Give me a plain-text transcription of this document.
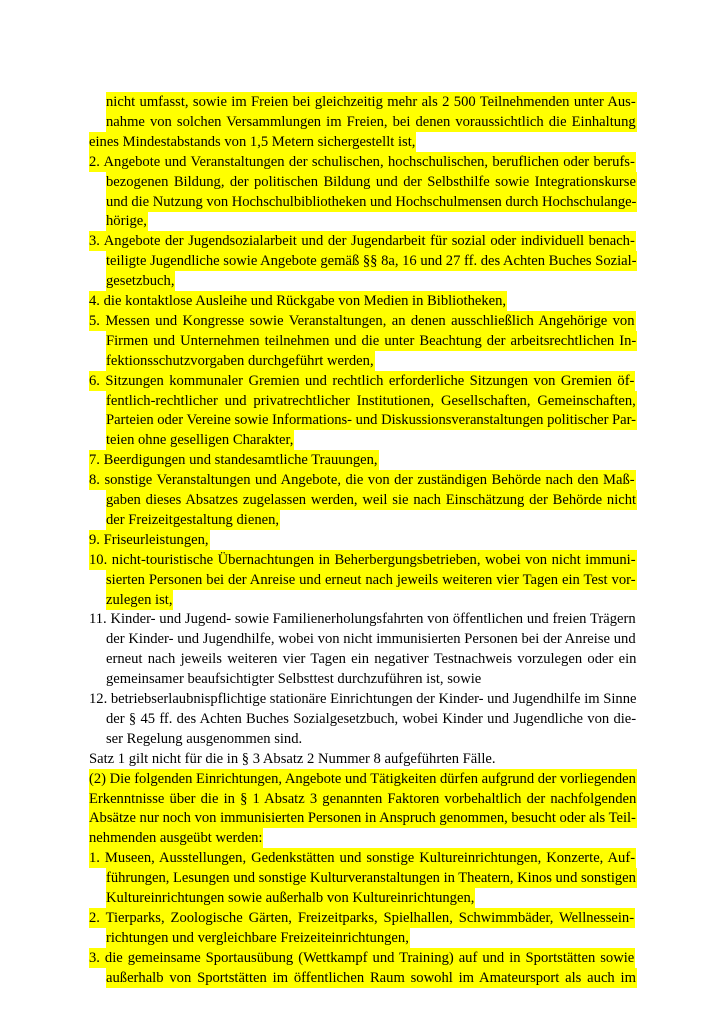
nicht umfasst, sowie im Freien bei gleichzeitig mehr als 2 500 Teilnehmenden unter Aus-
nahme von solchen Versammlungen im Freien, bei denen voraussichtlich die Einhaltung
eines Mindestabstands von 1,5 Metern sichergestellt ist,
2. Angebote und Veranstaltungen der schulischen, hochschulischen, beruflichen oder berufs-
bezogenen Bildung, der politischen Bildung und der Selbsthilfe sowie Integrationskurse
und die Nutzung von Hochschulbibliotheken und Hochschulmensen durch Hochschulange-
hörige,
3. Angebote der Jugendsozialarbeit und der Jugendarbeit für sozial oder individuell benach-
teiligte Jugendliche sowie Angebote gemäß §§ 8a, 16 und 27 ff. des Achten Buches Sozial-
gesetzbuch,
4. die kontaktlose Ausleihe und Rückgabe von Medien in Bibliotheken,
5. Messen und Kongresse sowie Veranstaltungen, an denen ausschließlich Angehörige von
Firmen und Unternehmen teilnehmen und die unter Beachtung der arbeitsrechtlichen In-
fektionsschutzvorgaben durchgeführt werden,
6. Sitzungen kommunaler Gremien und rechtlich erforderliche Sitzungen von Gremien öf-
fentlich-rechtlicher und privatrechtlicher Institutionen, Gesellschaften, Gemeinschaften,
Parteien oder Vereine sowie Informations- und Diskussionsveranstaltungen politischer Par-
teien ohne geselligen Charakter,
7. Beerdigungen und standesamtliche Trauungen,
8. sonstige Veranstaltungen und Angebote, die von der zuständigen Behörde nach den Maß-
gaben dieses Absatzes zugelassen werden, weil sie nach Einschätzung der Behörde nicht
der Freizeitgestaltung dienen,
9. Friseurleistungen,
10. nicht-touristische Übernachtungen in Beherbergungsbetrieben, wobei von nicht immuni-
sierten Personen bei der Anreise und erneut nach jeweils weiteren vier Tagen ein Test vor-
zulegen ist,
11. Kinder- und Jugend- sowie Familienerholungsfahrten von öffentlichen und freien Trägern
der Kinder- und Jugendhilfe, wobei von nicht immunisierten Personen bei der Anreise und
erneut nach jeweils weiteren vier Tagen ein negativer Testnachweis vorzulegen oder ein
gemeinsamer beaufsichtigter Selbsttest durchzuführen ist, sowie
12. betriebserlaubnispflichtige stationäre Einrichtungen der Kinder- und Jugendhilfe im Sinne
der § 45 ff. des Achten Buches Sozialgesetzbuch, wobei Kinder und Jugendliche von die-
ser Regelung ausgenommen sind.
Satz 1 gilt nicht für die in § 3 Absatz 2 Nummer 8 aufgeführten Fälle.
(2) Die folgenden Einrichtungen, Angebote und Tätigkeiten dürfen aufgrund der vorliegenden
Erkenntnisse über die in § 1 Absatz 3 genannten Faktoren vorbehaltlich der nachfolgenden
Absätze nur noch von immunisierten Personen in Anspruch genommen, besucht oder als Teil-
nehmenden ausgeübt werden:
1. Museen, Ausstellungen, Gedenkstätten und sonstige Kultureinrichtungen, Konzerte, Auf-
führungen, Lesungen und sonstige Kulturveranstaltungen in Theatern, Kinos und sonstigen
Kultureinrichtungen sowie außerhalb von Kultureinrichtungen,
2. Tierparks, Zoologische Gärten, Freizeitparks, Spielhallen, Schwimmbäder, Wellnessein-
richtungen und vergleichbare Freizeiteinrichtungen,
3. die gemeinsame Sportausübung (Wettkampf und Training) auf und in Sportstätten sowie
außerhalb von Sportstätten im öffentlichen Raum sowohl im Amateursport als auch im
